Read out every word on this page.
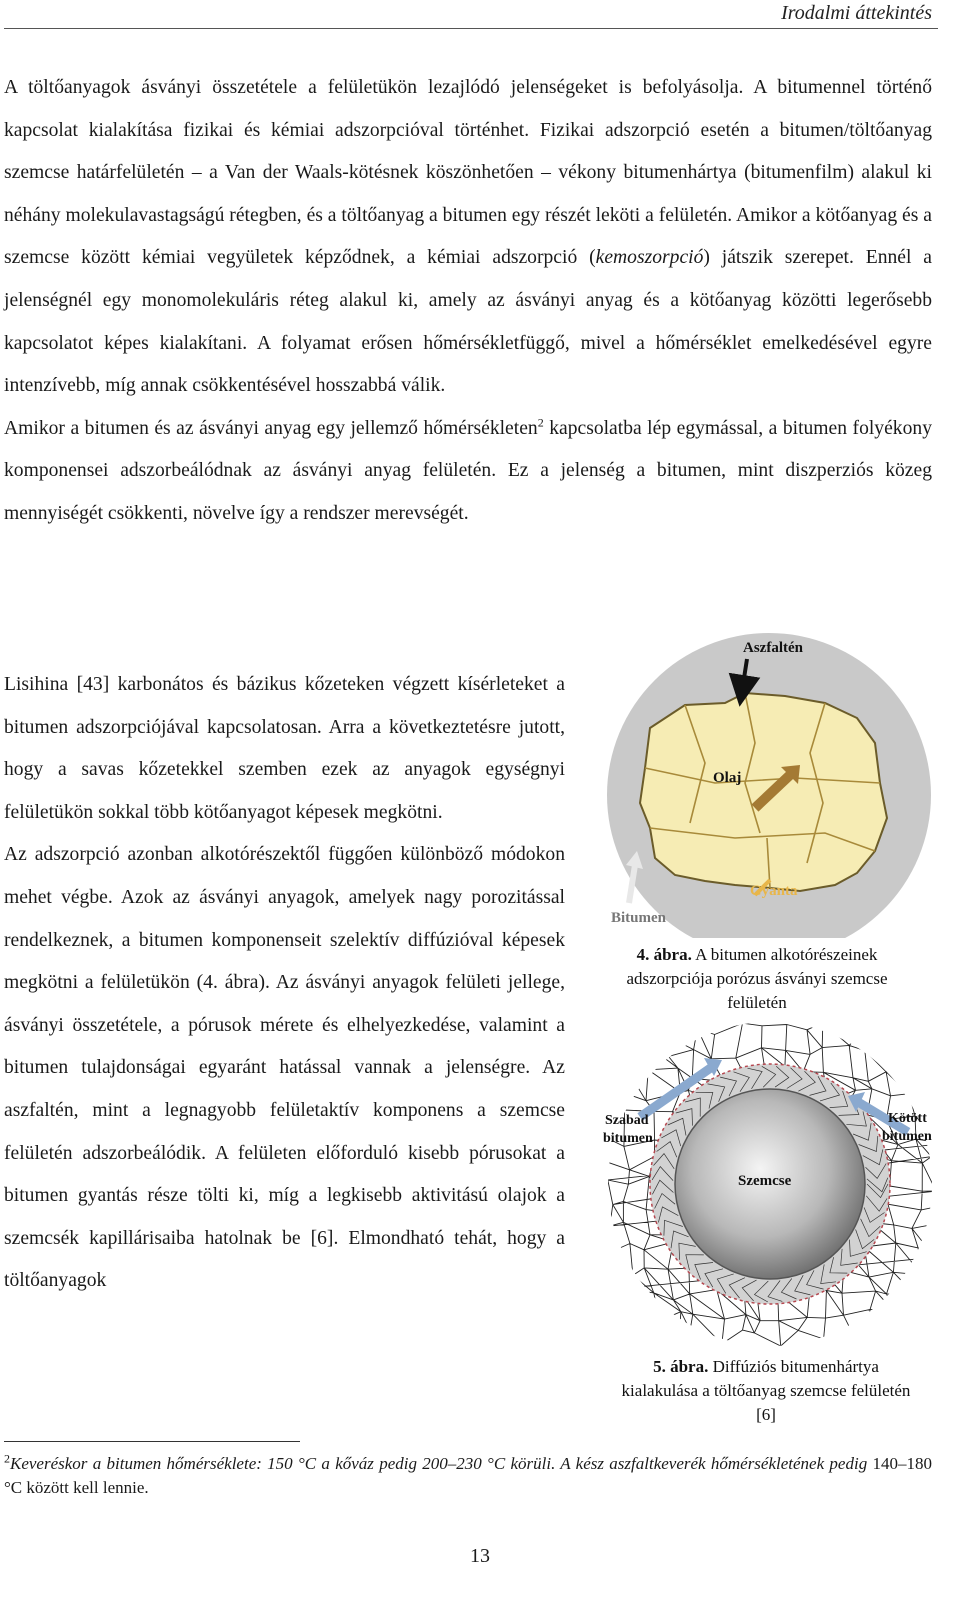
Irodalmi áttekintés

A töltőanyagok ásványi összetétele a felületükön lezajlódó jelenségeket is befolyásolja. A bitumennel történő kapcsolat kialakítása fizikai és kémiai adszorpcióval történhet. Fizikai adszorpció esetén a bitumen/töltőanyag szemcse határfelületén – a Van der Waals-kötésnek köszönhetően – vékony bitumenhártya (bitumenfilm) alakul ki néhány molekulavastagságú rétegben, és a töltőanyag a bitumen egy részét leköti a felületén. Amikor a kötőanyag és a szemcse között kémiai vegyületek képződnek, a kémiai adszorpció (kemoszorpció) játszik szerepet. Ennél a jelenségnél egy monomolekuláris réteg alakul ki, amely az ásványi anyag és a kötőanyag közötti legerősebb kapcsolatot képes kialakítani. A folyamat erősen hőmérsékletfüggő, mivel a hőmérséklet emelkedésével egyre intenzívebb, míg annak csökkentésével hosszabbá válik.

Amikor a bitumen és az ásványi anyag egy jellemző hőmérsékleten$^2$ kapcsolatba lép egymással, a bitumen folyékony komponensei adszorbeálódnak az ásványi anyag felületén. Ez a jelenség a bitumen, mint diszperziós közeg mennyiségét csökkenti, növelve így a rendszer merevségét.

Lisihina [43] karbonátos és bázikus kőzeteken végzett kísérleteket a bitumen adszorpciójával kapcsolatosan. Arra a következtetésre jutott, hogy a savas kőzetekkel szemben ezek az anyagok egységnyi felületükön sokkal több kötőanyagot képesek megkötni.

Az adszorpció azonban alkotórészektől függően különböző módokon mehet végbe. Azok az ásványi anyagok, amelyek nagy porozitással rendelkeznek, a bitumen komponenseit szelektív diffúzióval képesek megkötni a felületükön (4. ábra). Az ásványi anyagok felületi jellege, ásványi összetétele, a pórusok mérete és elhelyezkedése, valamint a bitumen tulajdonságai egyaránt hatással vannak a jelenségre. Az aszfaltén, mint a legnagyobb felületaktív komponens a szemcse felületén adszorbeálódik. A felületen előforduló kisebb pórusokat a bitumen gyantás része tölti ki, míg a legkisebb aktivitású olajok a szemcsék kapillárisaiba hatolnak be [6]. Elmondható tehát, hogy a töltőanyagok

Aszfaltén
Olaj
Gyanta
Bitumen
4. ábra. A bitumen alkotórészeinek adszorpciója porózus ásványi szemcse felületén
Szemcse
Szabad
bitumen
Kötött
bitumen
5. ábra. Diffúziós bitumenhártya kialakulása a töltőanyag szemcse felületén [6]
$^2$Keveréskor a bitumen hőmérséklete: 150 °C a kőváz pedig 200–230 °C körüli. A kész aszfaltkeverék hőmérsékletének pedig 140–180 °C között kell lennie.
13
